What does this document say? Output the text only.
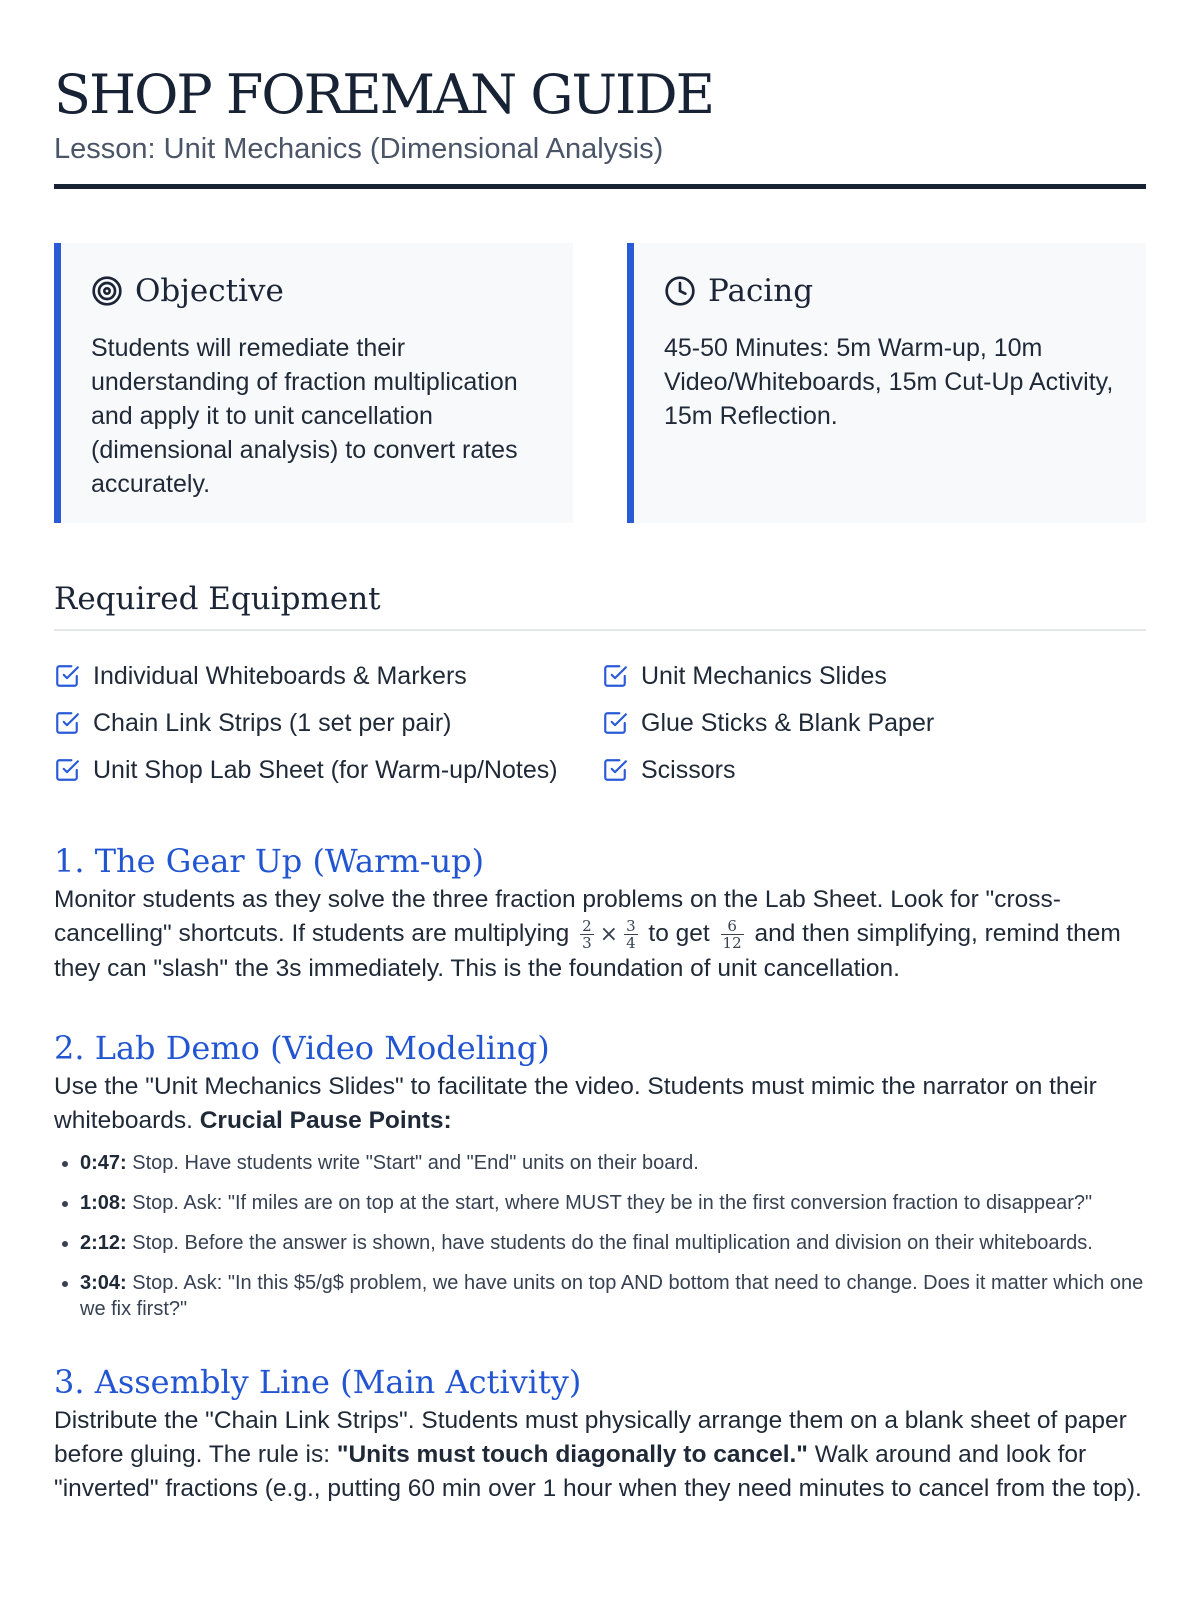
SHOP FOREMAN GUIDE
Lesson: Unit Mechanics (Dimensional Analysis)
Objective
Students will remediate their understanding of fraction multiplication and apply it to unit cancellation (dimensional analysis) to convert rates accurately.
Pacing
45-50 Minutes: 5m Warm-up, 10m Video/Whiteboards, 15m Cut-Up Activity, 15m Reflection.
Required Equipment
Individual Whiteboards & Markers	Unit Mechanics Slides
Chain Link Strips (1 set per pair)	Glue Sticks & Blank Paper
Unit Shop Lab Sheet (for Warm-up/Notes)	Scissors
1. The Gear Up (Warm-up)
Monitor students as they solve the three fraction problems on the Lab Sheet. Look for "cross-cancelling" shortcuts. If students are multiplying $\frac{2}{3} \times \frac{3}{4}$ to get $\frac{6}{12}$ and then simplifying, remind them they can "slash" the 3s immediately. This is the foundation of unit cancellation.
2. Lab Demo (Video Modeling)
Use the "Unit Mechanics Slides" to facilitate the video. Students must mimic the narrator on their whiteboards. Crucial Pause Points:
• 0:47: Stop. Have students write "Start" and "End" units on their board.
• 1:08: Stop. Ask: "If miles are on top at the start, where MUST they be in the first conversion fraction to disappear?"
• 2:12: Stop. Before the answer is shown, have students do the final multiplication and division on their whiteboards.
• 3:04: Stop. Ask: "In this $5/g$ problem, we have units on top AND bottom that need to change. Does it matter which one we fix first?"
3. Assembly Line (Main Activity)
Distribute the "Chain Link Strips". Students must physically arrange them on a blank sheet of paper before gluing. The rule is: "Units must touch diagonally to cancel." Walk around and look for "inverted" fractions (e.g., putting 60 min over 1 hour when they need minutes to cancel from the top).
